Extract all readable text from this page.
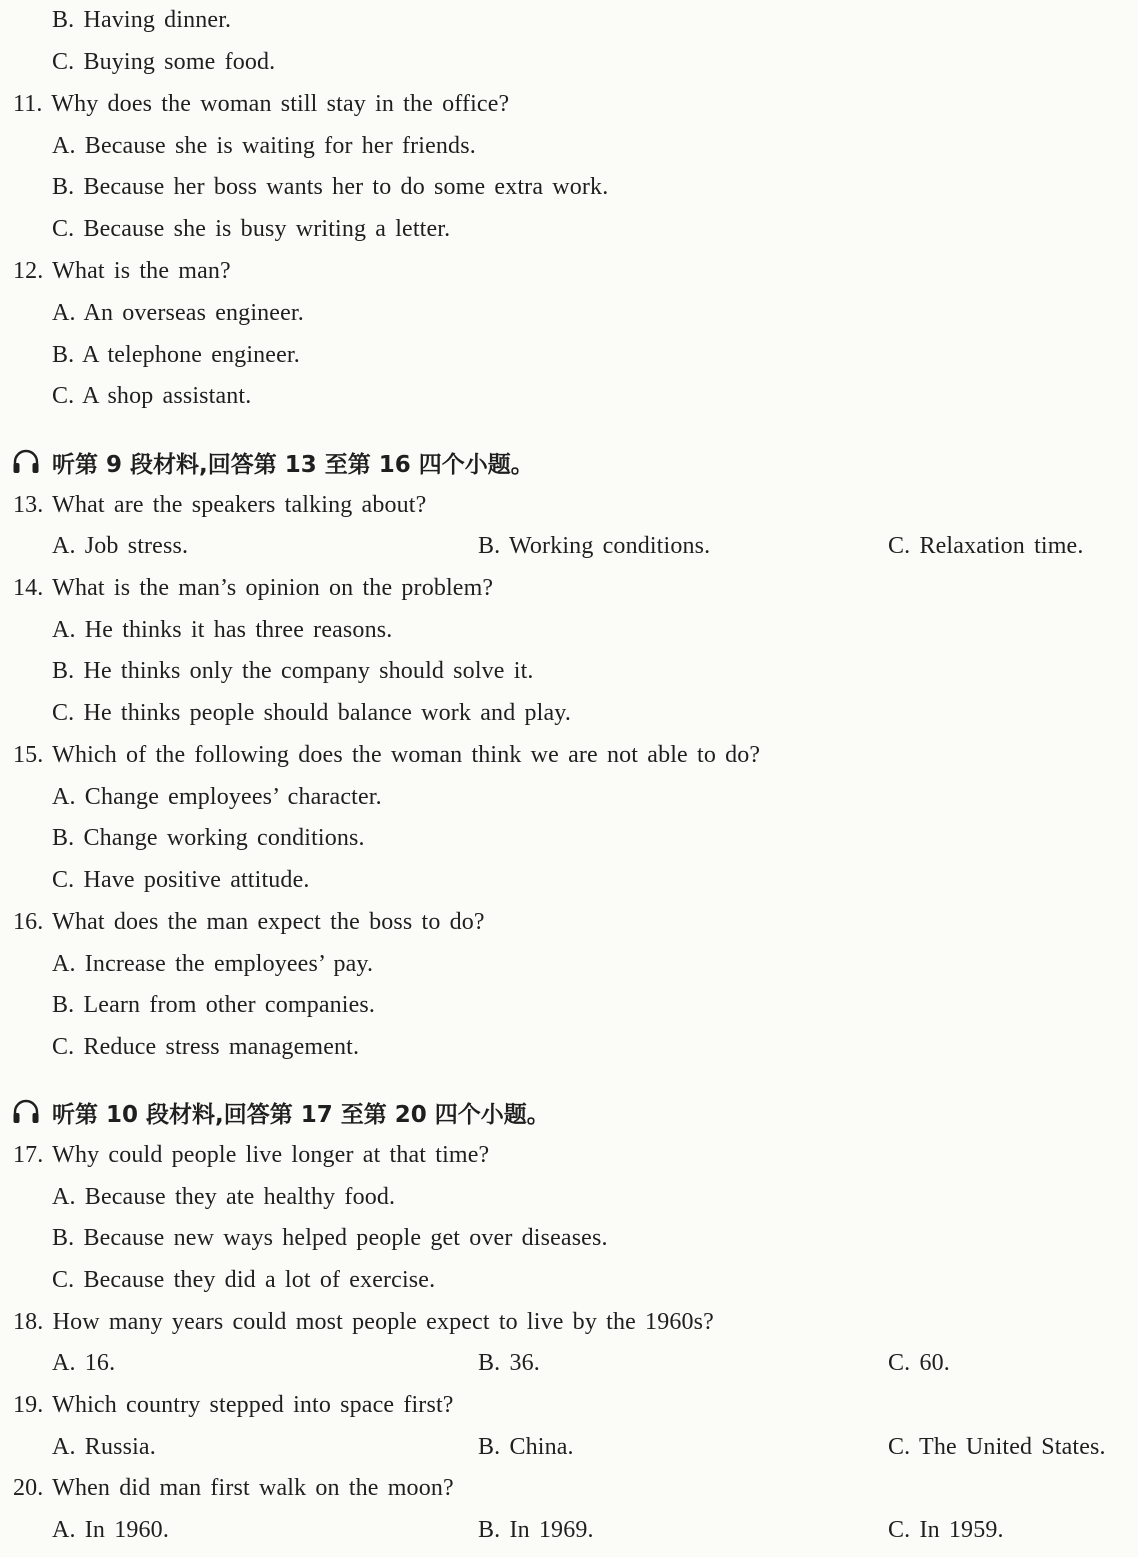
B. Having dinner.
C. Buying some food.
11. Why does the woman still stay in the office?
A. Because she is waiting for her friends.
B. Because her boss wants her to do some extra work.
C. Because she is busy writing a letter.
12. What is the man?
A. An overseas engineer.
B. A telephone engineer.
C. A shop assistant.
听第 9 段材料,回答第 13 至第 16 四个小题。
13. What are the speakers talking about?
A. Job stress.	B. Working conditions.	C. Relaxation time.
14. What is the man’s opinion on the problem?
A. He thinks it has three reasons.
B. He thinks only the company should solve it.
C. He thinks people should balance work and play.
15. Which of the following does the woman think we are not able to do?
A. Change employees’ character.
B. Change working conditions.
C. Have positive attitude.
16. What does the man expect the boss to do?
A. Increase the employees’ pay.
B. Learn from other companies.
C. Reduce stress management.
听第 10 段材料,回答第 17 至第 20 四个小题。
17. Why could people live longer at that time?
A. Because they ate healthy food.
B. Because new ways helped people get over diseases.
C. Because they did a lot of exercise.
18. How many years could most people expect to live by the 1960s?
A. 16.	B. 36.	C. 60.
19. Which country stepped into space first?
A. Russia.	B. China.	C. The United States.
20. When did man first walk on the moon?
A. In 1960.	B. In 1969.	C. In 1959.
